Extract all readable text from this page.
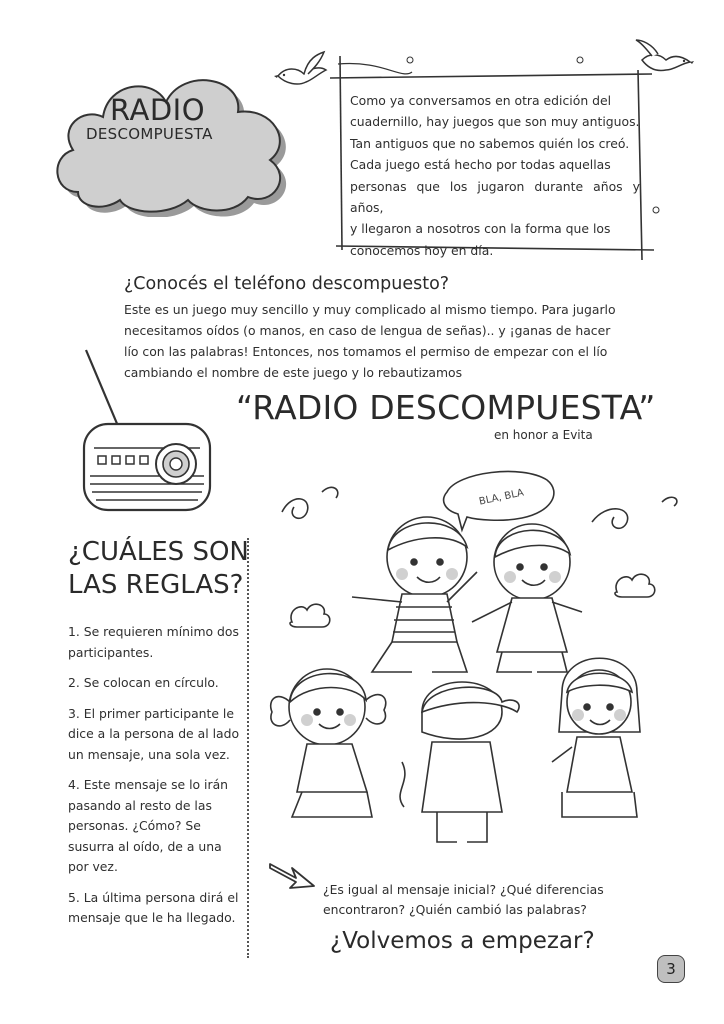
RADIO
DESCOMPUESTA
Como ya conversamos en otra edición del
cuadernillo, hay juegos que son muy antiguos.
Tan antiguos que no sabemos quién los creó.
Cada juego está hecho por todas aquellas
personas que los jugaron durante años y años,
y llegaron a nosotros con la forma que los
conocemos hoy en día.
¿Conocés el teléfono descompuesto?
Este es un juego muy sencillo y muy complicado al mismo tiempo. Para jugarlo
necesitamos oídos (o manos, en caso de lengua de señas).. y ¡ganas de hacer
lío con las palabras! Entonces, nos tomamos el permiso de empezar con el lío
cambiando el nombre de este juego y lo rebautizamos
“RADIO DESCOMPUESTA”
en honor a Evita
¿CUÁLES SON
LAS REGLAS?
1. Se requieren mínimo dos participantes.
2. Se colocan en círculo.
3. El primer participante le dice a la persona de al lado un mensaje, una sola vez.
4. Este mensaje se lo irán pasando al resto de las personas. ¿Cómo? Se susurra al oído, de a una por vez.
5. La última persona dirá el mensaje que le ha llegado.
BLA, BLA
¿Es igual al mensaje inicial? ¿Qué diferencias
encontraron? ¿Quién cambió las palabras?
¿Volvemos a empezar?
3
